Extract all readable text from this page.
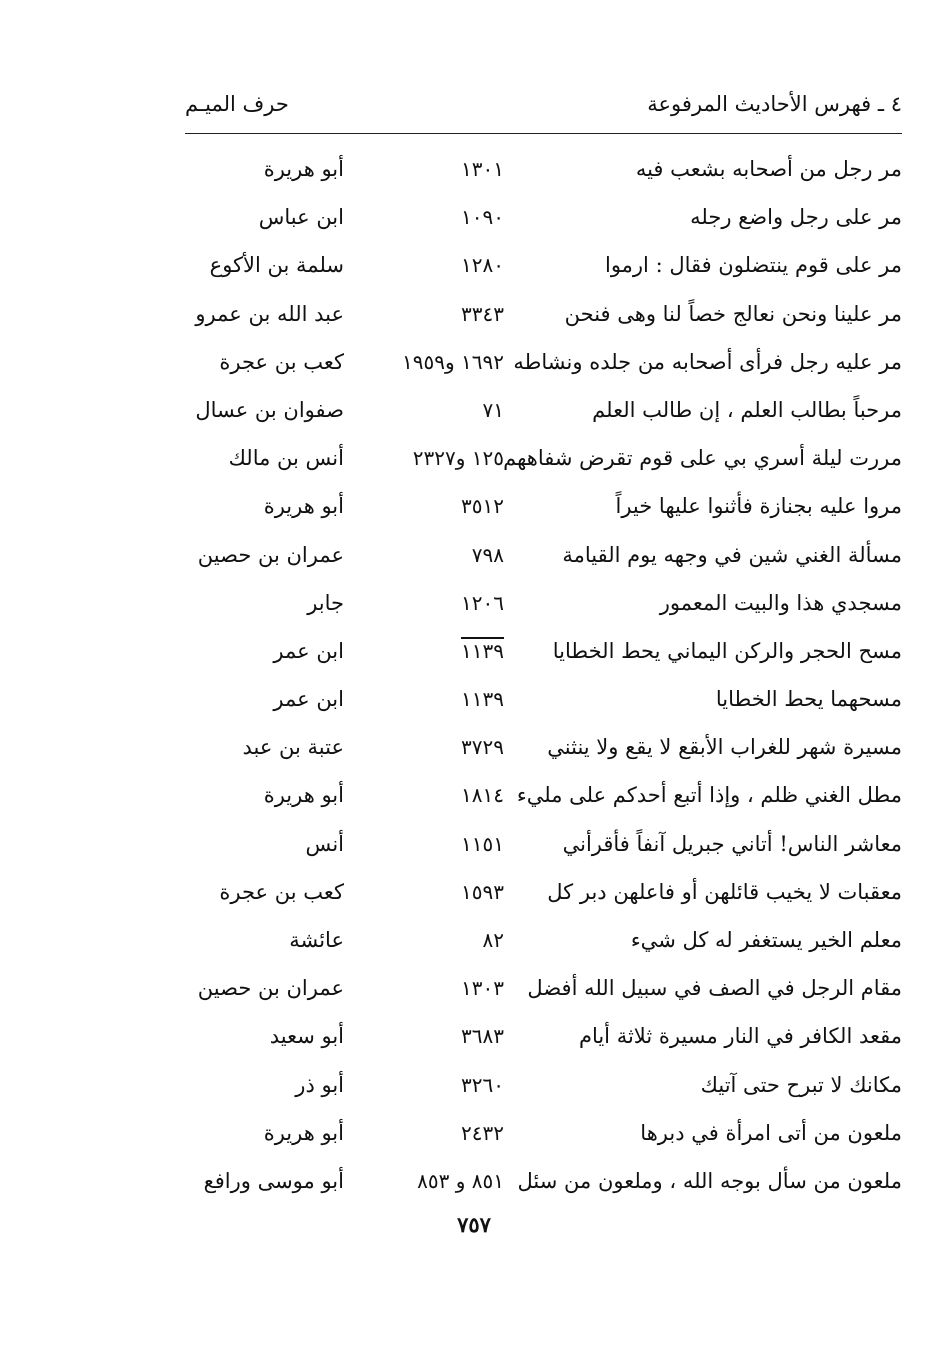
٤ ـ فهرس الأحاديث المرفوعة
حرف الميـم
مر رجل من أصحابه بشعب فيه
١٣٠١
أبو هريرة
مر على رجل واضع رجله
١٠٩٠
ابن عباس
مر على قوم ينتضلون فقال : ارموا
١٢٨٠
سلمة بن الأكوع
مر علينا ونحن نعالج خصاً لنا وهى فنحن
٣٣٤٣
عبد الله بن عمرو
مر عليه رجل فرأى أصحابه من جلده ونشاطه
١٦٩٢ و١٩٥٩
كعب بن عجرة
مرحباً بطالب العلم ، إن طالب العلم
٧١
صفوان بن عسال
مررت ليلة أسري بي على قوم تقرض شفاههم
١٢٥ و٢٣٢٧
أنس بن مالك
مروا عليه بجنازة فأثنوا عليها خيراً
٣٥١٢
أبو هريرة
مسألة الغني شين في وجهه يوم القيامة
٧٩٨
عمران بن حصين
مسجدي هذا والبيت المعمور
١٢٠٦
جابر
مسح الحجر والركن اليماني يحط الخطايا
١١٣٩
ابن عمر
مسحهما يحط الخطايا
١١٣٩
ابن عمر
مسيرة شهر للغراب الأبقع لا يقع ولا ينثني
٣٧٢٩
عتبة بن عبد
مطل الغني ظلم ، وإذا أتبع أحدكم على مليء
١٨١٤
أبو هريرة
معاشر الناس! أتاني جبريل آنفاً فأقرأني
١١٥١
أنس
معقبات لا يخيب قائلهن أو فاعلهن دبر كل
١٥٩٣
كعب بن عجرة
معلم الخير يستغفر له كل شيء
٨٢
عائشة
مقام الرجل في الصف في سبيل الله أفضل
١٣٠٣
عمران بن حصين
مقعد الكافر في النار مسيرة ثلاثة أيام
٣٦٨٣
أبو سعيد
مكانك لا تبرح حتى آتيك
٣٢٦٠
أبو ذر
ملعون من أتى امرأة في دبرها
٢٤٣٢
أبو هريرة
ملعون من سأل بوجه الله ، وملعون من سئل
٨٥١ و ٨٥٣
أبو موسى ورافع
٧٥٧
